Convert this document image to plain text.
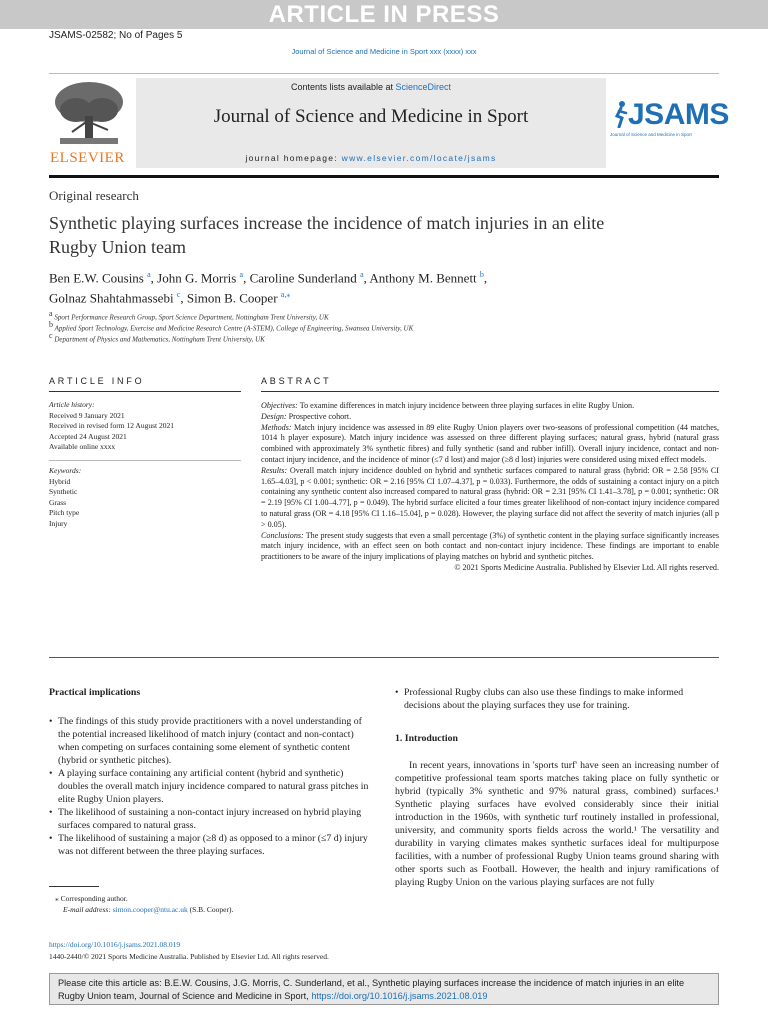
ARTICLE IN PRESS
JSAMS-02582; No of Pages 5
Journal of Science and Medicine in Sport xxx (xxxx) xxx
ELSEVIER
Contents lists available at ScienceDirect
Journal of Science and Medicine in Sport
journal homepage: www.elsevier.com/locate/jsams
JSAMS
Journal of Science and Medicine in Sport
Original research
Synthetic playing surfaces increase the incidence of match injuries in an elite Rugby Union team
Ben E.W. Cousins $^a$, John G. Morris $^a$, Caroline Sunderland $^a$, Anthony M. Bennett $^b$,
Golnaz Shahtahmassebi $^c$, Simon B. Cooper $^{a,⁎}$
$^a$ Sport Performance Research Group, Sport Science Department, Nottingham Trent University, UK
$^b$ Applied Sport Technology, Exercise and Medicine Research Centre (A-STEM), College of Engineering, Swansea University, UK
$^c$ Department of Physics and Mathematics, Nottingham Trent University, UK
ARTICLE INFO
Article history:
Received 9 January 2021
Received in revised form 12 August 2021
Accepted 24 August 2021
Available online xxxx
Keywords:
Hybrid
Synthetic
Grass
Pitch type
Injury
ABSTRACT
Objectives: To examine differences in match injury incidence between three playing surfaces in elite Rugby Union.
Design: Prospective cohort.
Methods: Match injury incidence was assessed in 89 elite Rugby Union players over two-seasons of professional competition (44 matches, 1014 h player exposure). Match injury incidence was assessed on three different playing surfaces; natural grass, hybrid (natural grass combined with approximately 3% synthetic fibres) and fully synthetic (sand and rubber infill). Overall injury incidence, contact and non-contact injury incidence, and the incidence of minor (≤7 d lost) and major (≥8 d lost) injuries were considered using mixed effect models.
Results: Overall match injury incidence doubled on hybrid and synthetic surfaces compared to natural grass (hybrid: OR = 2.58 [95% CI 1.65–4.03], p < 0.001; synthetic: OR = 2.16 [95% CI 1.07–4.37], p = 0.033). Furthermore, the odds of sustaining a contact injury on a pitch containing any synthetic content also increased compared to natural grass (hybrid: OR = 2.31 [95% CI 1.41–3.78], p = 0.001; synthetic: OR = 2.19 [95% CI 1.00–4.77], p = 0.049). The hybrid surface elicited a four times greater likelihood of non-contact injury incidence compared to natural grass (OR = 4.18 [95% CI 1.16–15.04], p = 0.028). However, the playing surface did not affect the severity of match injuries (all p > 0.05).
Conclusions: The present study suggests that even a small percentage (3%) of synthetic content in the playing surface significantly increases match injury incidence, with an effect seen on both contact and non-contact injury incidence. These findings are important to enable practitioners to be aware of the injury implications of playing matches on hybrid and synthetic pitches.
© 2021 Sports Medicine Australia. Published by Elsevier Ltd. All rights reserved.
Practical implications
• The findings of this study provide practitioners with a novel understanding of the potential increased likelihood of match injury (contact and non-contact) when competing on surfaces containing some element of synthetic content (hybrid or synthetic pitches).
• A playing surface containing any artificial content (hybrid and synthetic) doubles the overall match injury incidence compared to natural grass pitches in elite Rugby Union players.
• The likelihood of sustaining a non-contact injury increased on hybrid playing surfaces compared to natural grass.
• The likelihood of sustaining a major (≥8 d) as opposed to a minor (≤7 d) injury was not different between the three playing surfaces.
⁎ Corresponding author.
E-mail address: simon.cooper@ntu.ac.uk (S.B. Cooper).
• Professional Rugby clubs can also use these findings to make informed decisions about the playing surfaces they use for training.
1. Introduction
In recent years, innovations in 'sports turf' have seen an increasing number of competitive professional team sports matches taking place on fully synthetic or hybrid (typically 3% synthetic and 97% natural grass, combined) surfaces.¹ Synthetic playing surfaces have evolved considerably since their initial introduction in the 1960s, with synthetic turf routinely installed in professional, university, and community sports fields across the world.¹ The versatility and durability in varying climates makes synthetic surfaces ideal for multipurpose facilities, with a number of professional Rugby Union teams ground sharing with other sports such as Football. However, the health and injury ramifications of playing Rugby Union on the various playing surfaces are not fully
https://doi.org/10.1016/j.jsams.2021.08.019
1440-2440/© 2021 Sports Medicine Australia. Published by Elsevier Ltd. All rights reserved.
Please cite this article as: B.E.W. Cousins, J.G. Morris, C. Sunderland, et al., Synthetic playing surfaces increase the incidence of match injuries in an elite Rugby Union team, Journal of Science and Medicine in Sport, https://doi.org/10.1016/j.jsams.2021.08.019
